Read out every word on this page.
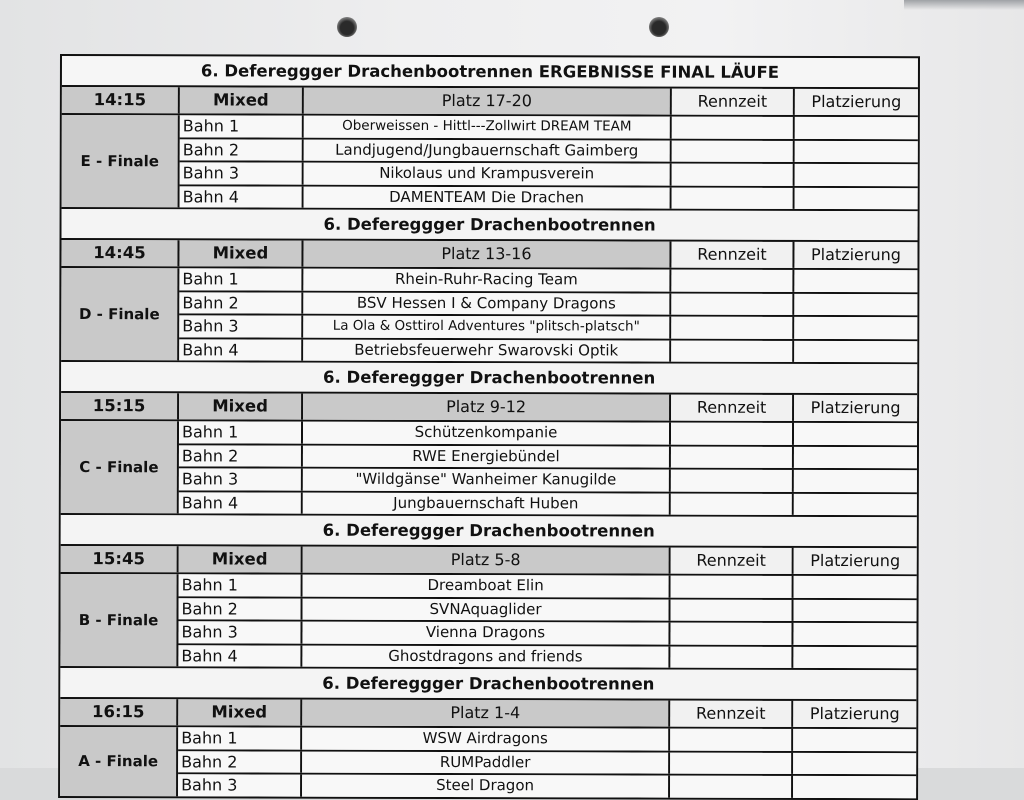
6. Defereggger Drachenbootrennen ERGEBNISSE FINAL LÄUFE
14:15	Mixed	Platz 17-20	Rennzeit	Platzierung
E - Finale
Bahn 1	Oberweissen - Hittl---Zollwirt DREAM TEAM
Bahn 2	Landjugend/Jungbauernschaft Gaimberg
Bahn 3	Nikolaus und Krampusverein
Bahn 4	DAMENTEAM Die Drachen
6. Defereggger Drachenbootrennen
14:45	Mixed	Platz 13-16	Rennzeit	Platzierung
D - Finale
Bahn 1	Rhein-Ruhr-Racing Team
Bahn 2	BSV Hessen I & Company Dragons
Bahn 3	La Ola & Osttirol Adventures "plitsch-platsch"
Bahn 4	Betriebsfeuerwehr Swarovski Optik
6. Defereggger Drachenbootrennen
15:15	Mixed	Platz 9-12	Rennzeit	Platzierung
C - Finale
Bahn 1	Schützenkompanie
Bahn 2	RWE Energiebündel
Bahn 3	"Wildgänse" Wanheimer Kanugilde
Bahn 4	Jungbauernschaft Huben
6. Defereggger Drachenbootrennen
15:45	Mixed	Platz 5-8	Rennzeit	Platzierung
B - Finale
Bahn 1	Dreamboat Elin
Bahn 2	SVNAquaglider
Bahn 3	Vienna Dragons
Bahn 4	Ghostdragons and friends
6. Defereggger Drachenbootrennen
16:15	Mixed	Platz 1-4	Rennzeit	Platzierung
A - Finale
Bahn 1	WSW Airdragons
Bahn 2	RUMPaddler
Bahn 3	Steel Dragon
